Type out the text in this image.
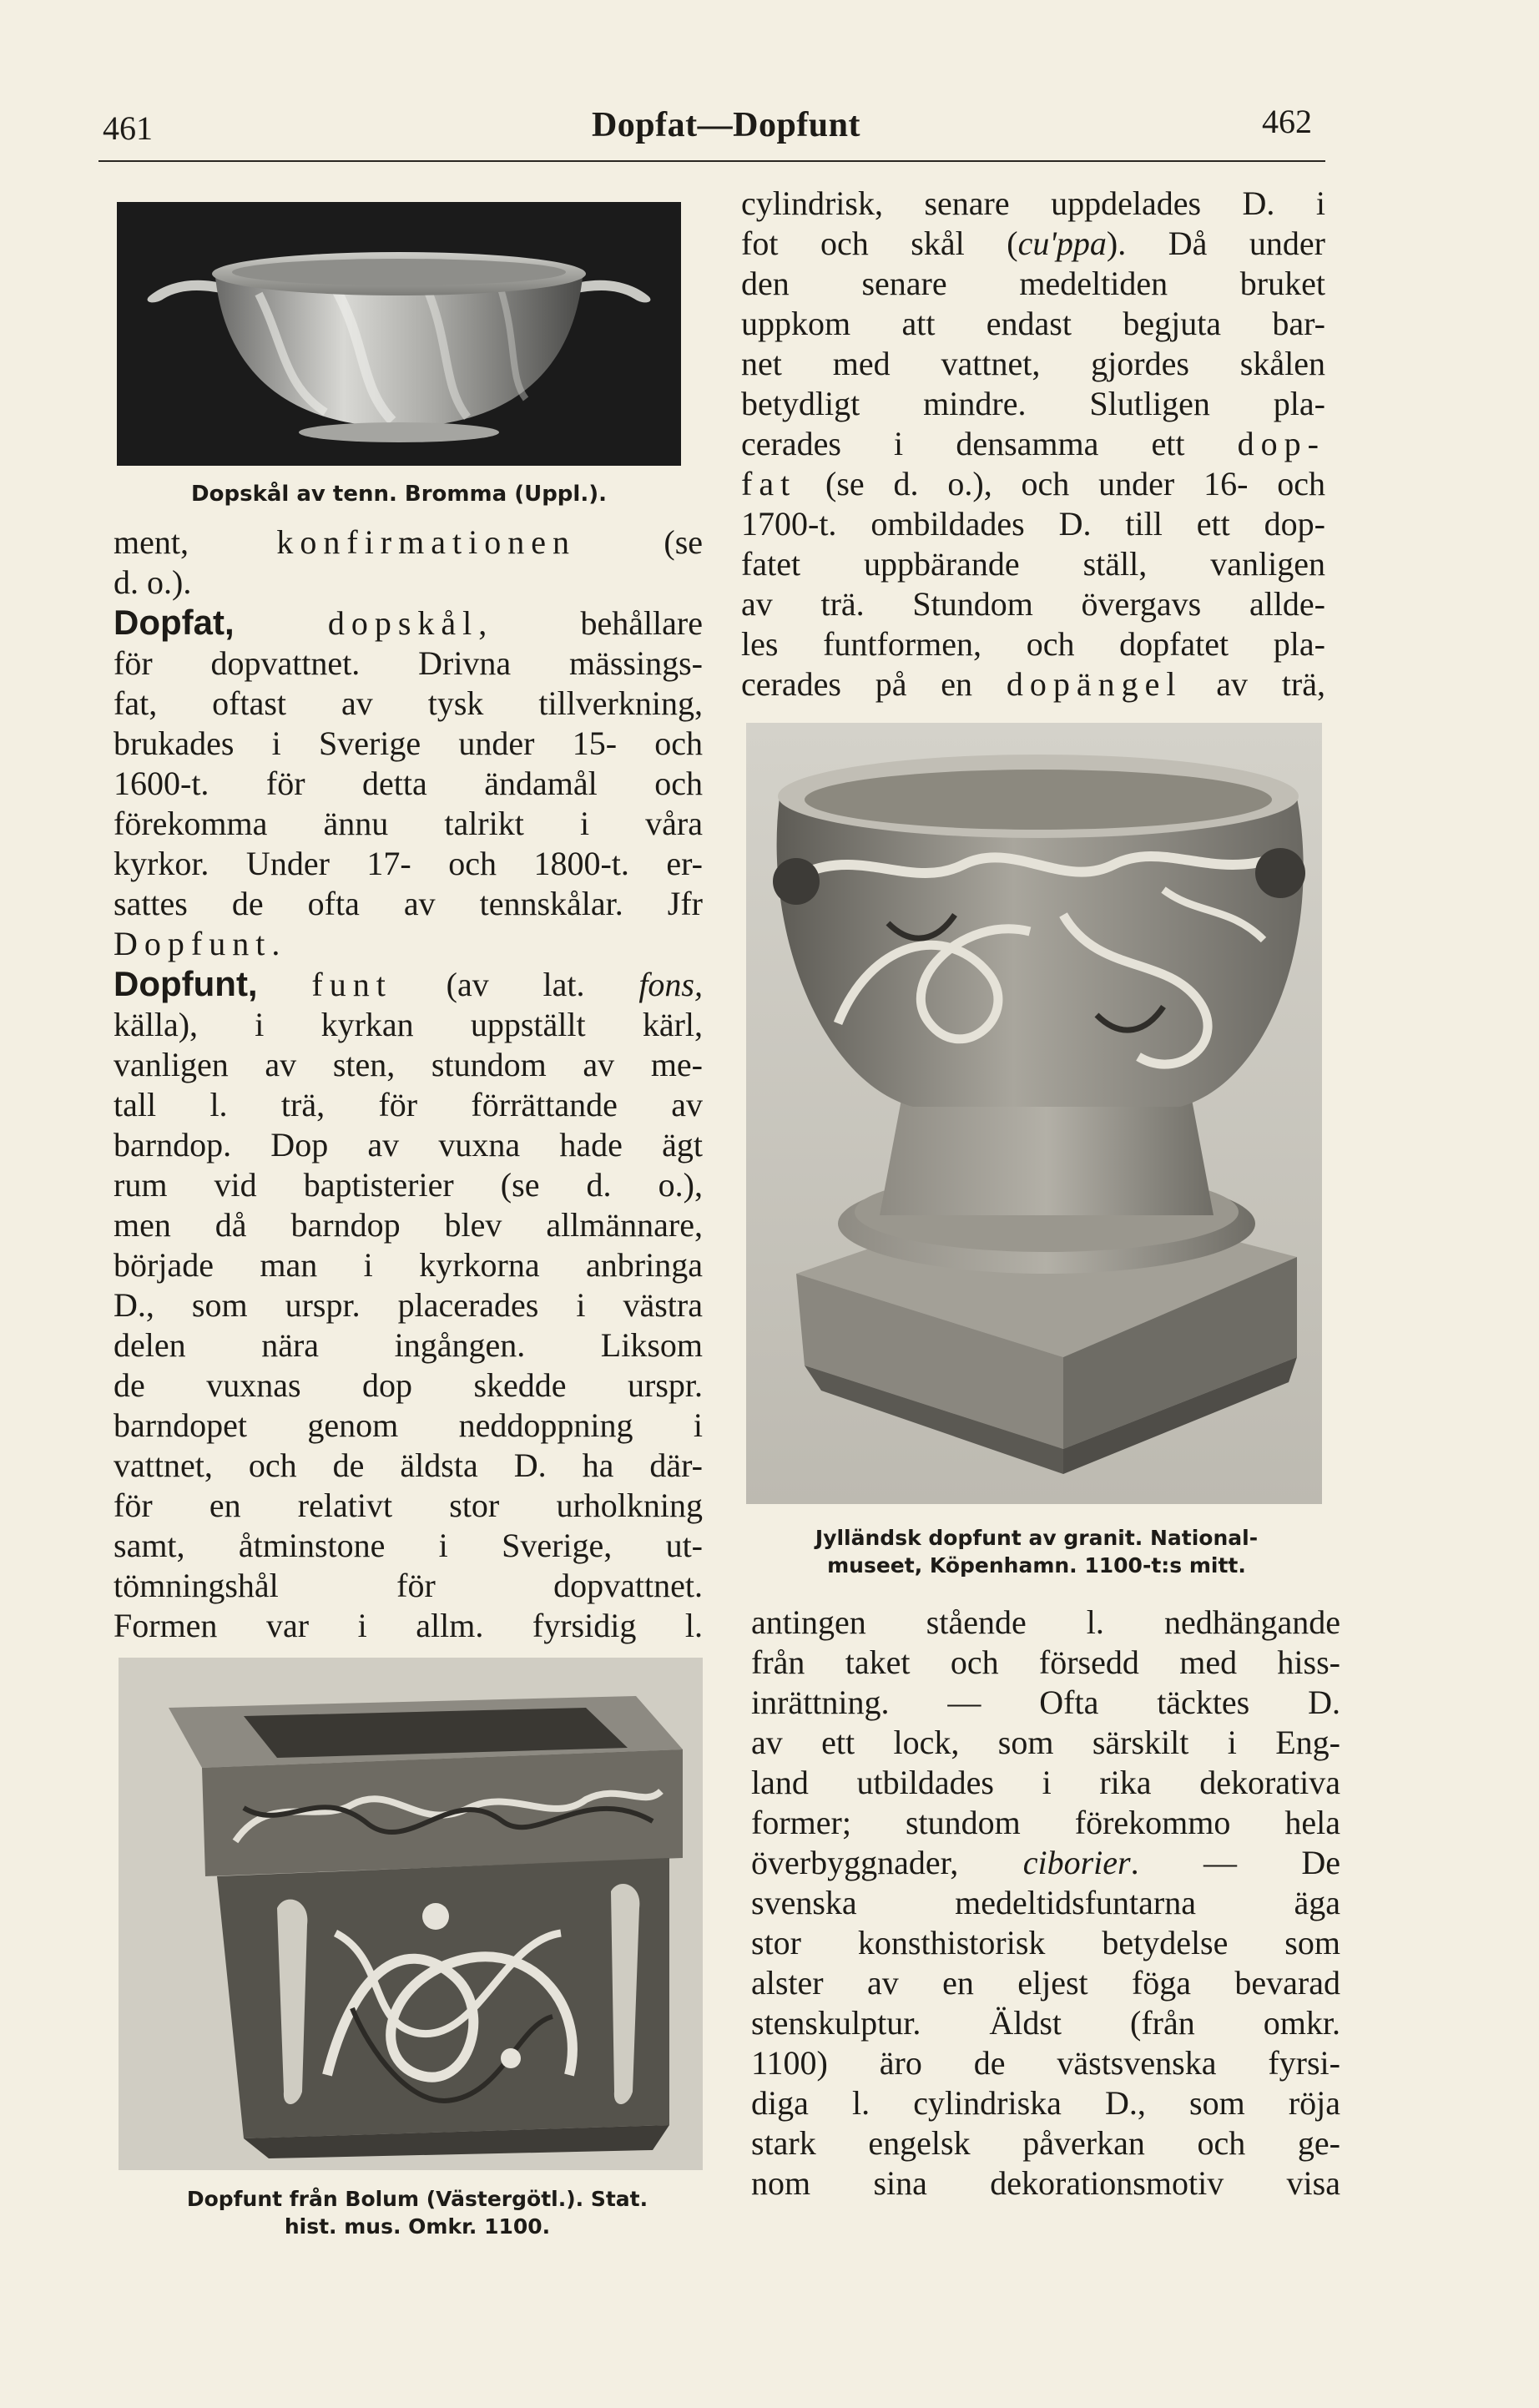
461	Dopfat—Dopfunt	462
Dopskål av tenn. Bromma (Uppl.).

ment, konfirmationen (se

d. o.).

Dopfat,	dopskål, behållare

för dopvattnet. Drivna mässings-

fat, oftast av tysk tillverkning,

brukades i Sverige under 15- och

1600-t. för detta ändamål och

förekomma ännu talrikt i våra

kyrkor. Under 17- och 1800-t. er-

sattes de ofta av tennskålar. Jfr

Dopfunt.

Dopfunt, funt (av lat. fons,

källa), i kyrkan uppställt kärl,

vanligen av sten, stundom av me-

tall l. trä, för förrättande av

barndop. Dop av vuxna hade ägt

rum vid baptisterier (se d. o.),

men då barndop blev allmännare,

började man i kyrkorna anbringa

D., som urspr. placerades i västra

delen nära ingången. Liksom

de vuxnas dop skedde urspr.

barndopet genom neddoppning i

vattnet, och de äldsta D. ha där-

för en relativt stor urholkning

samt, åtminstone i Sverige, ut-

tömningshål för dopvattnet.

Formen var i allm. fyrsidig l.

Dopfunt från Bolum (Västergötl.). Stat.
hist. mus. Omkr. 1100.

cylindrisk, senare uppdelades D. i

fot och skål (cu'ppa). Då under

den senare medeltiden bruket

uppkom att endast begjuta bar-

net med vattnet, gjordes skålen

betydligt mindre. Slutligen pla-

cerades i densamma ett dop-

fat (se d. o.), och under 16- och

1700-t. ombildades D. till ett dop-

fatet uppbärande ställ, vanligen

av trä. Stundom övergavs allde-

les funtformen, och dopfatet pla-

cerades på en dopängel av trä,

Jylländsk dopfunt av granit. National-
museet, Köpenhamn. 1100-t:s mitt.

antingen stående l. nedhängande

från taket och försedd med hiss-

inrättning. — Ofta täcktes D.

av ett lock, som särskilt i Eng-

land utbildades i rika dekorativa

former; stundom förekommo hela

överbyggnader, ciborier. — De

svenska medeltidsfuntarna äga

stor konsthistorisk betydelse som

alster av en eljest föga bevarad

stenskulptur. Äldst (från omkr.

1100) äro de västsvenska fyrsi-

diga l. cylindriska D., som röja

stark engelsk påverkan och ge-

nom sina dekorationsmotiv visa
